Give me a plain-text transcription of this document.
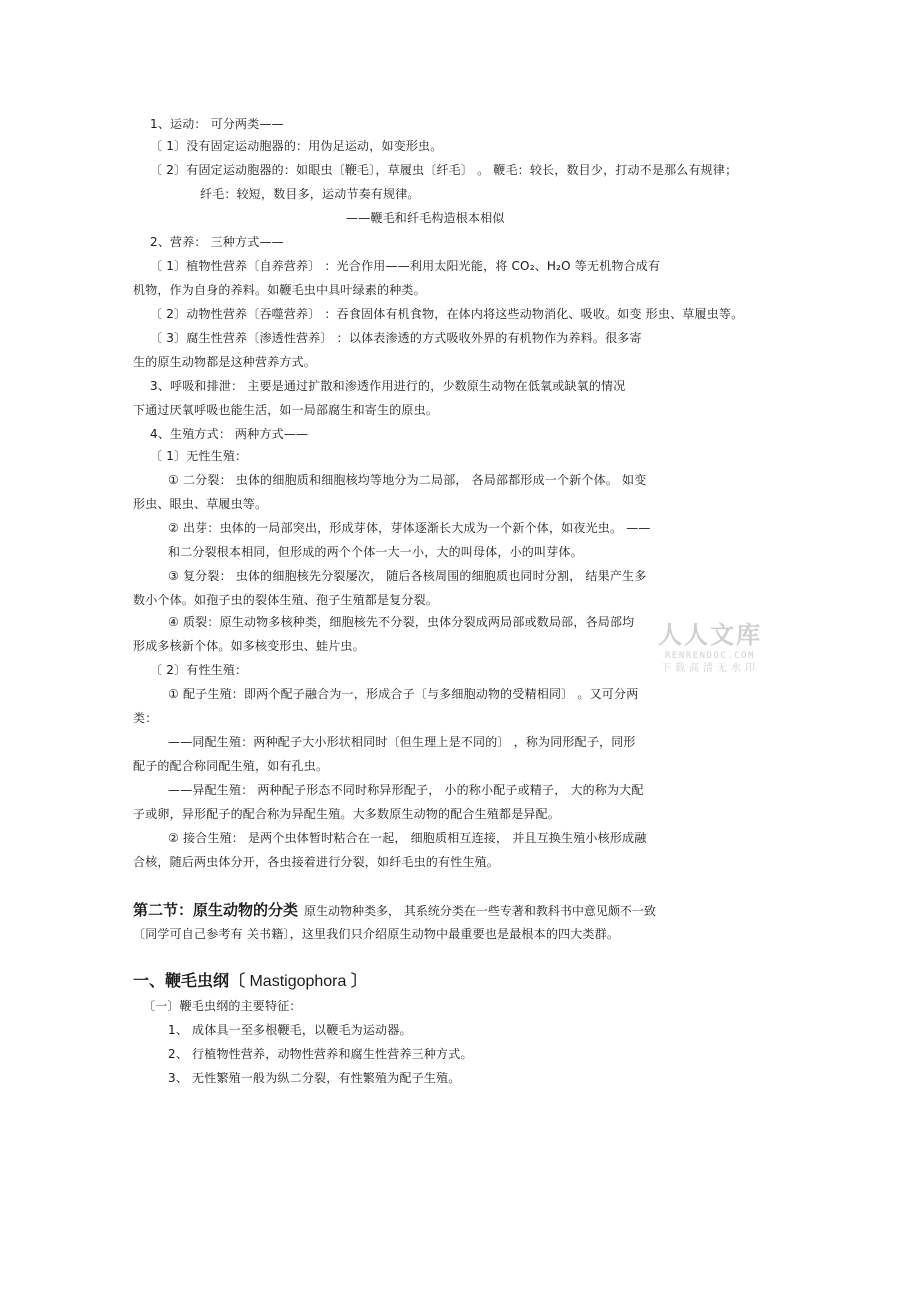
1、运动： 可分两类——
〔 1〕没有固定运动胞器的：用伪足运动，如变形虫。
〔 2〕有固定运动胞器的：如眼虫〔鞭毛〕，草履虫〔纤毛〕 。 鞭毛：较长，数目少，打动不是那么有规律；
纤毛：较短，数目多，运动节奏有规律。
——鞭毛和纤毛构造根本相似
2、营养： 三种方式——
〔 1〕植物性营养〔自养营养〕 ：光合作用——利用太阳光能，将 CO₂、H₂O 等无机物合成有
机物，作为自身的养料。如鞭毛虫中具叶绿素的种类。
〔 2〕动物性营养〔吞噬营养〕 ：吞食固体有机食物，在体内将这些动物消化、吸收。如变 形虫、草履虫等。
〔 3〕腐生性营养〔渗透性营养〕 ：以体表渗透的方式吸收外界的有机物作为养料。很多寄
生的原生动物都是这种营养方式。
3、呼吸和排泄： 主要是通过扩散和渗透作用进行的，少数原生动物在低氧或缺氧的情况
下通过厌氧呼吸也能生活，如一局部腐生和寄生的原虫。
4、生殖方式： 两种方式——
〔 1〕无性生殖：
① 二分裂： 虫体的细胞质和细胞核均等地分为二局部， 各局部都形成一个新个体。 如变
形虫、眼虫、草履虫等。
② 出芽：虫体的一局部突出，形成芽体，芽体逐渐长大成为一个新个体，如夜光虫。 ——
和二分裂根本相同，但形成的两个个体一大一小，大的叫母体，小的叫芽体。
③ 复分裂： 虫体的细胞核先分裂屡次， 随后各核周围的细胞质也同时分割， 结果产生多
数小个体。如孢子虫的裂体生殖、孢子生殖都是复分裂。
④ 质裂：原生动物多核种类，细胞核先不分裂，虫体分裂成两局部或数局部，各局部均
形成多核新个体。如多核变形虫、蛙片虫。
〔 2〕有性生殖：
① 配子生殖：即两个配子融合为一，形成合子〔与多细胞动物的受精相同〕 。又可分两
类：
——同配生殖：两种配子大小形状相同时〔但生理上是不同的〕 ，称为同形配子，同形
配子的配合称同配生殖，如有孔虫。
——异配生殖： 两种配子形态不同时称异形配子， 小的称小配子或精子， 大的称为大配
子或卵，异形配子的配合称为异配生殖。大多数原生动物的配合生殖都是异配。
② 接合生殖： 是两个虫体暂时粘合在一起， 细胞质相互连接， 并且互换生殖小核形成融
合核，随后两虫体分开，各虫接着进行分裂，如纤毛虫的有性生殖。
第二节：原生动物的分类 原生动物种类多， 其系统分类在一些专著和教科书中意见颇不一致
〔同学可自己参考有 关书籍〕，这里我们只介绍原生动物中最重要也是最根本的四大类群。
一、鞭毛虫纲〔 Mastigophora 〕
〔一〕鞭毛虫纲的主要特征：
1、 成体具一至多根鞭毛，以鞭毛为运动器。
2、 行植物性营养，动物性营养和腐生性营养三种方式。
3、 无性繁殖一般为纵二分裂，有性繁殖为配子生殖。
人人文库
RENRENDOC.COM
下载高清无水印
